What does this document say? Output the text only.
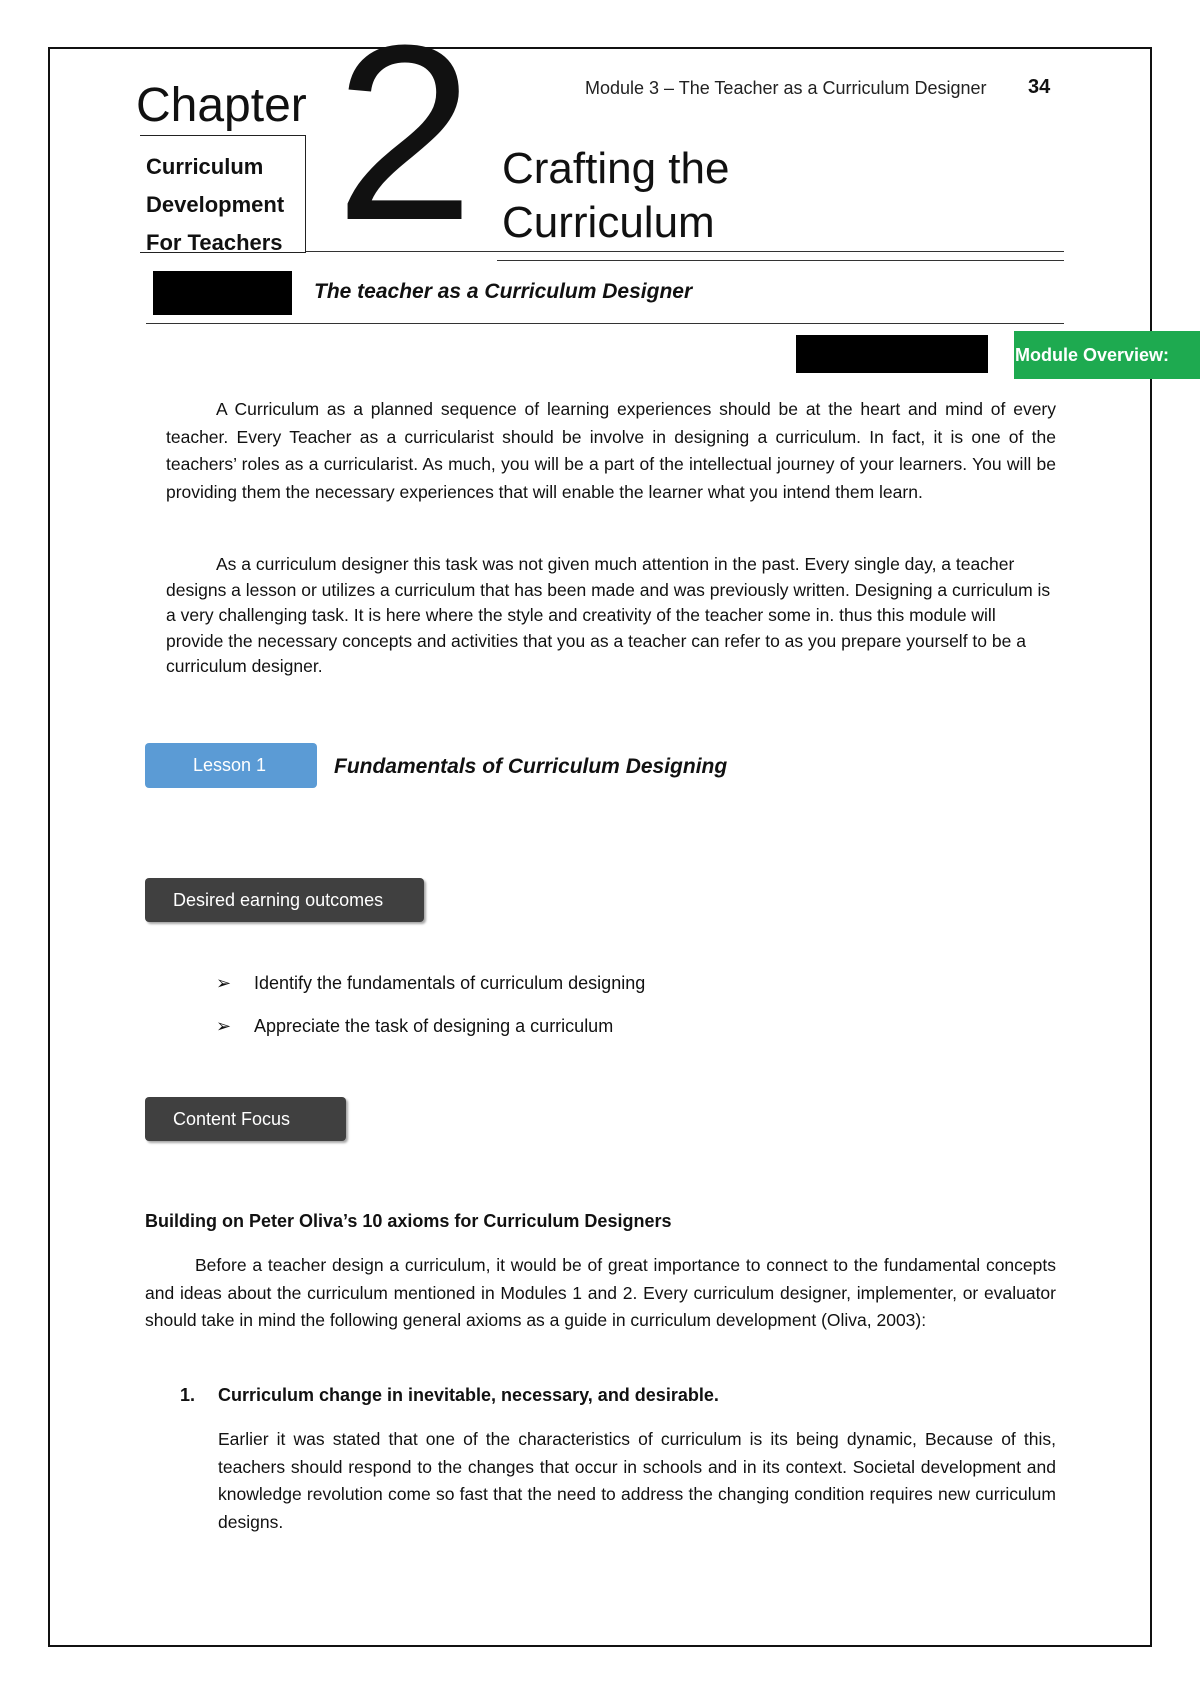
Chapter 2
Curriculum
Development
For Teachers
Module 3 – The Teacher as a Curriculum Designer 34
Crafting the
Curriculum
The teacher as a Curriculum Designer
Module Overview:
A Curriculum as a planned sequence of learning experiences should be at the heart and mind of every teacher. Every Teacher as a curricularist should be involve in designing a curriculum. In fact, it is one of the teachers’ roles as a curricularist. As much, you will be a part of the intellectual journey of your learners. You will be providing them the necessary experiences that will enable the learner what you intend them learn.
As a curriculum designer this task was not given much attention in the past. Every single day, a teacher designs a lesson or utilizes a curriculum that has been made and was previously written. Designing a curriculum is a very challenging task. It is here where the style and creativity of the teacher some in. thus this module will provide the necessary concepts and activities that you as a teacher can refer to as you prepare yourself to be a curriculum designer.
Lesson 1	Fundamentals of Curriculum Designing
Desired earning outcomes
➢ Identify the fundamentals of curriculum designing
➢ Appreciate the task of designing a curriculum
Content Focus
Building on Peter Oliva’s 10 axioms for Curriculum Designers
Before a teacher design a curriculum, it would be of great importance to connect to the fundamental concepts and ideas about the curriculum mentioned in Modules 1 and 2. Every curriculum designer, implementer, or evaluator should take in mind the following general axioms as a guide in curriculum development (Oliva, 2003):
1. Curriculum change in inevitable, necessary, and desirable.
Earlier it was stated that one of the characteristics of curriculum is its being dynamic, Because of this, teachers should respond to the changes that occur in schools and in its context. Societal development and knowledge revolution come so fast that the need to address the changing condition requires new curriculum designs.
